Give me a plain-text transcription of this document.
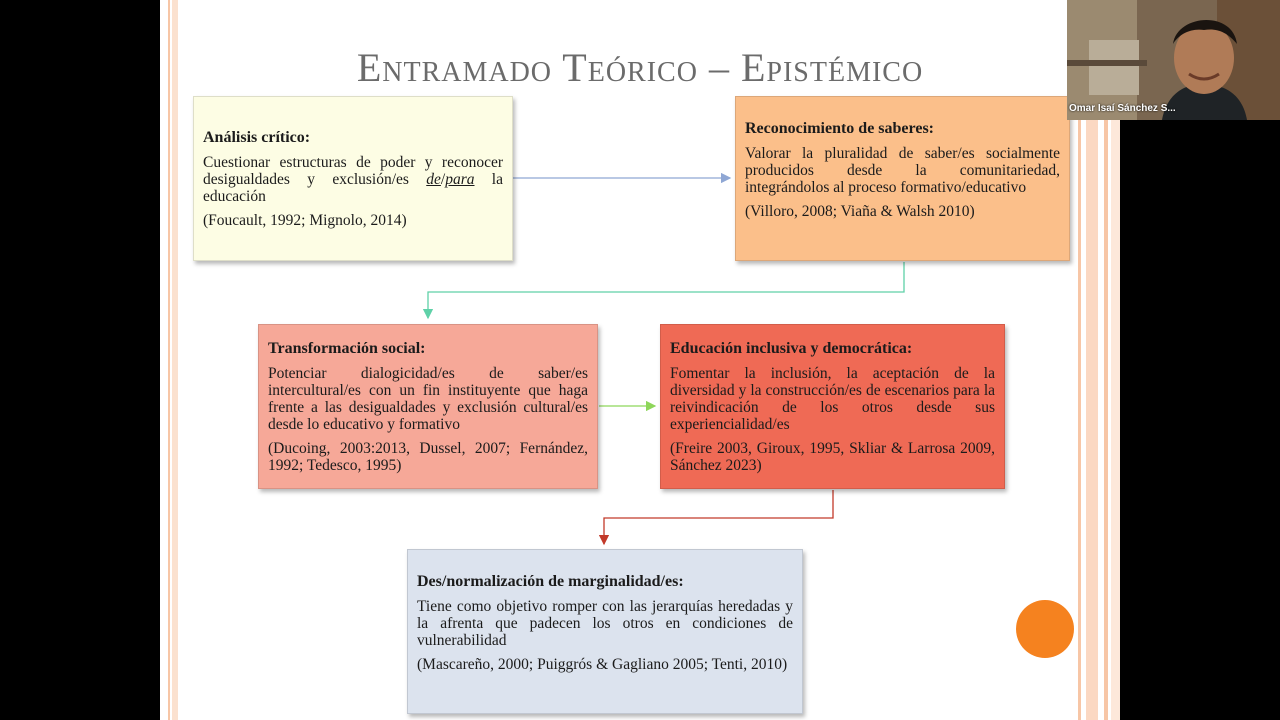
Entramado Teórico – Epistémico
Análisis crítico:
Cuestionar estructuras de poder y reconocer desigualdades y exclusión/es de/para la educación
(Foucault, 1992; Mignolo, 2014)
Reconocimiento de saberes:
Valorar la pluralidad de saber/es socialmente producidos desde la comunitariedad, integrándolos al proceso formativo/educativo
(Villoro, 2008; Viaña & Walsh 2010)
Transformación social:
Potenciar dialogicidad/es de saber/es intercultural/es con un fin instituyente que haga frente a las desigualdades y exclusión cultural/es desde lo educativo y formativo
(Ducoing, 2003:2013, Dussel, 2007; Fernández, 1992; Tedesco, 1995)
Educación inclusiva y democrática:
Fomentar la inclusión, la aceptación de la diversidad y la construcción/es de escenarios para la reivindicación de los otros desde sus experiencialidad/es
(Freire 2003, Giroux, 1995, Skliar & Larrosa 2009, Sánchez 2023)
Des/normalización de marginalidad/es:
Tiene como objetivo romper con las jerarquías heredadas y la afrenta que padecen los otros en condiciones de vulnerabilidad
(Mascareño, 2000; Puiggrós & Gagliano 2005; Tenti, 2010)
Omar Isaí Sánchez S...
